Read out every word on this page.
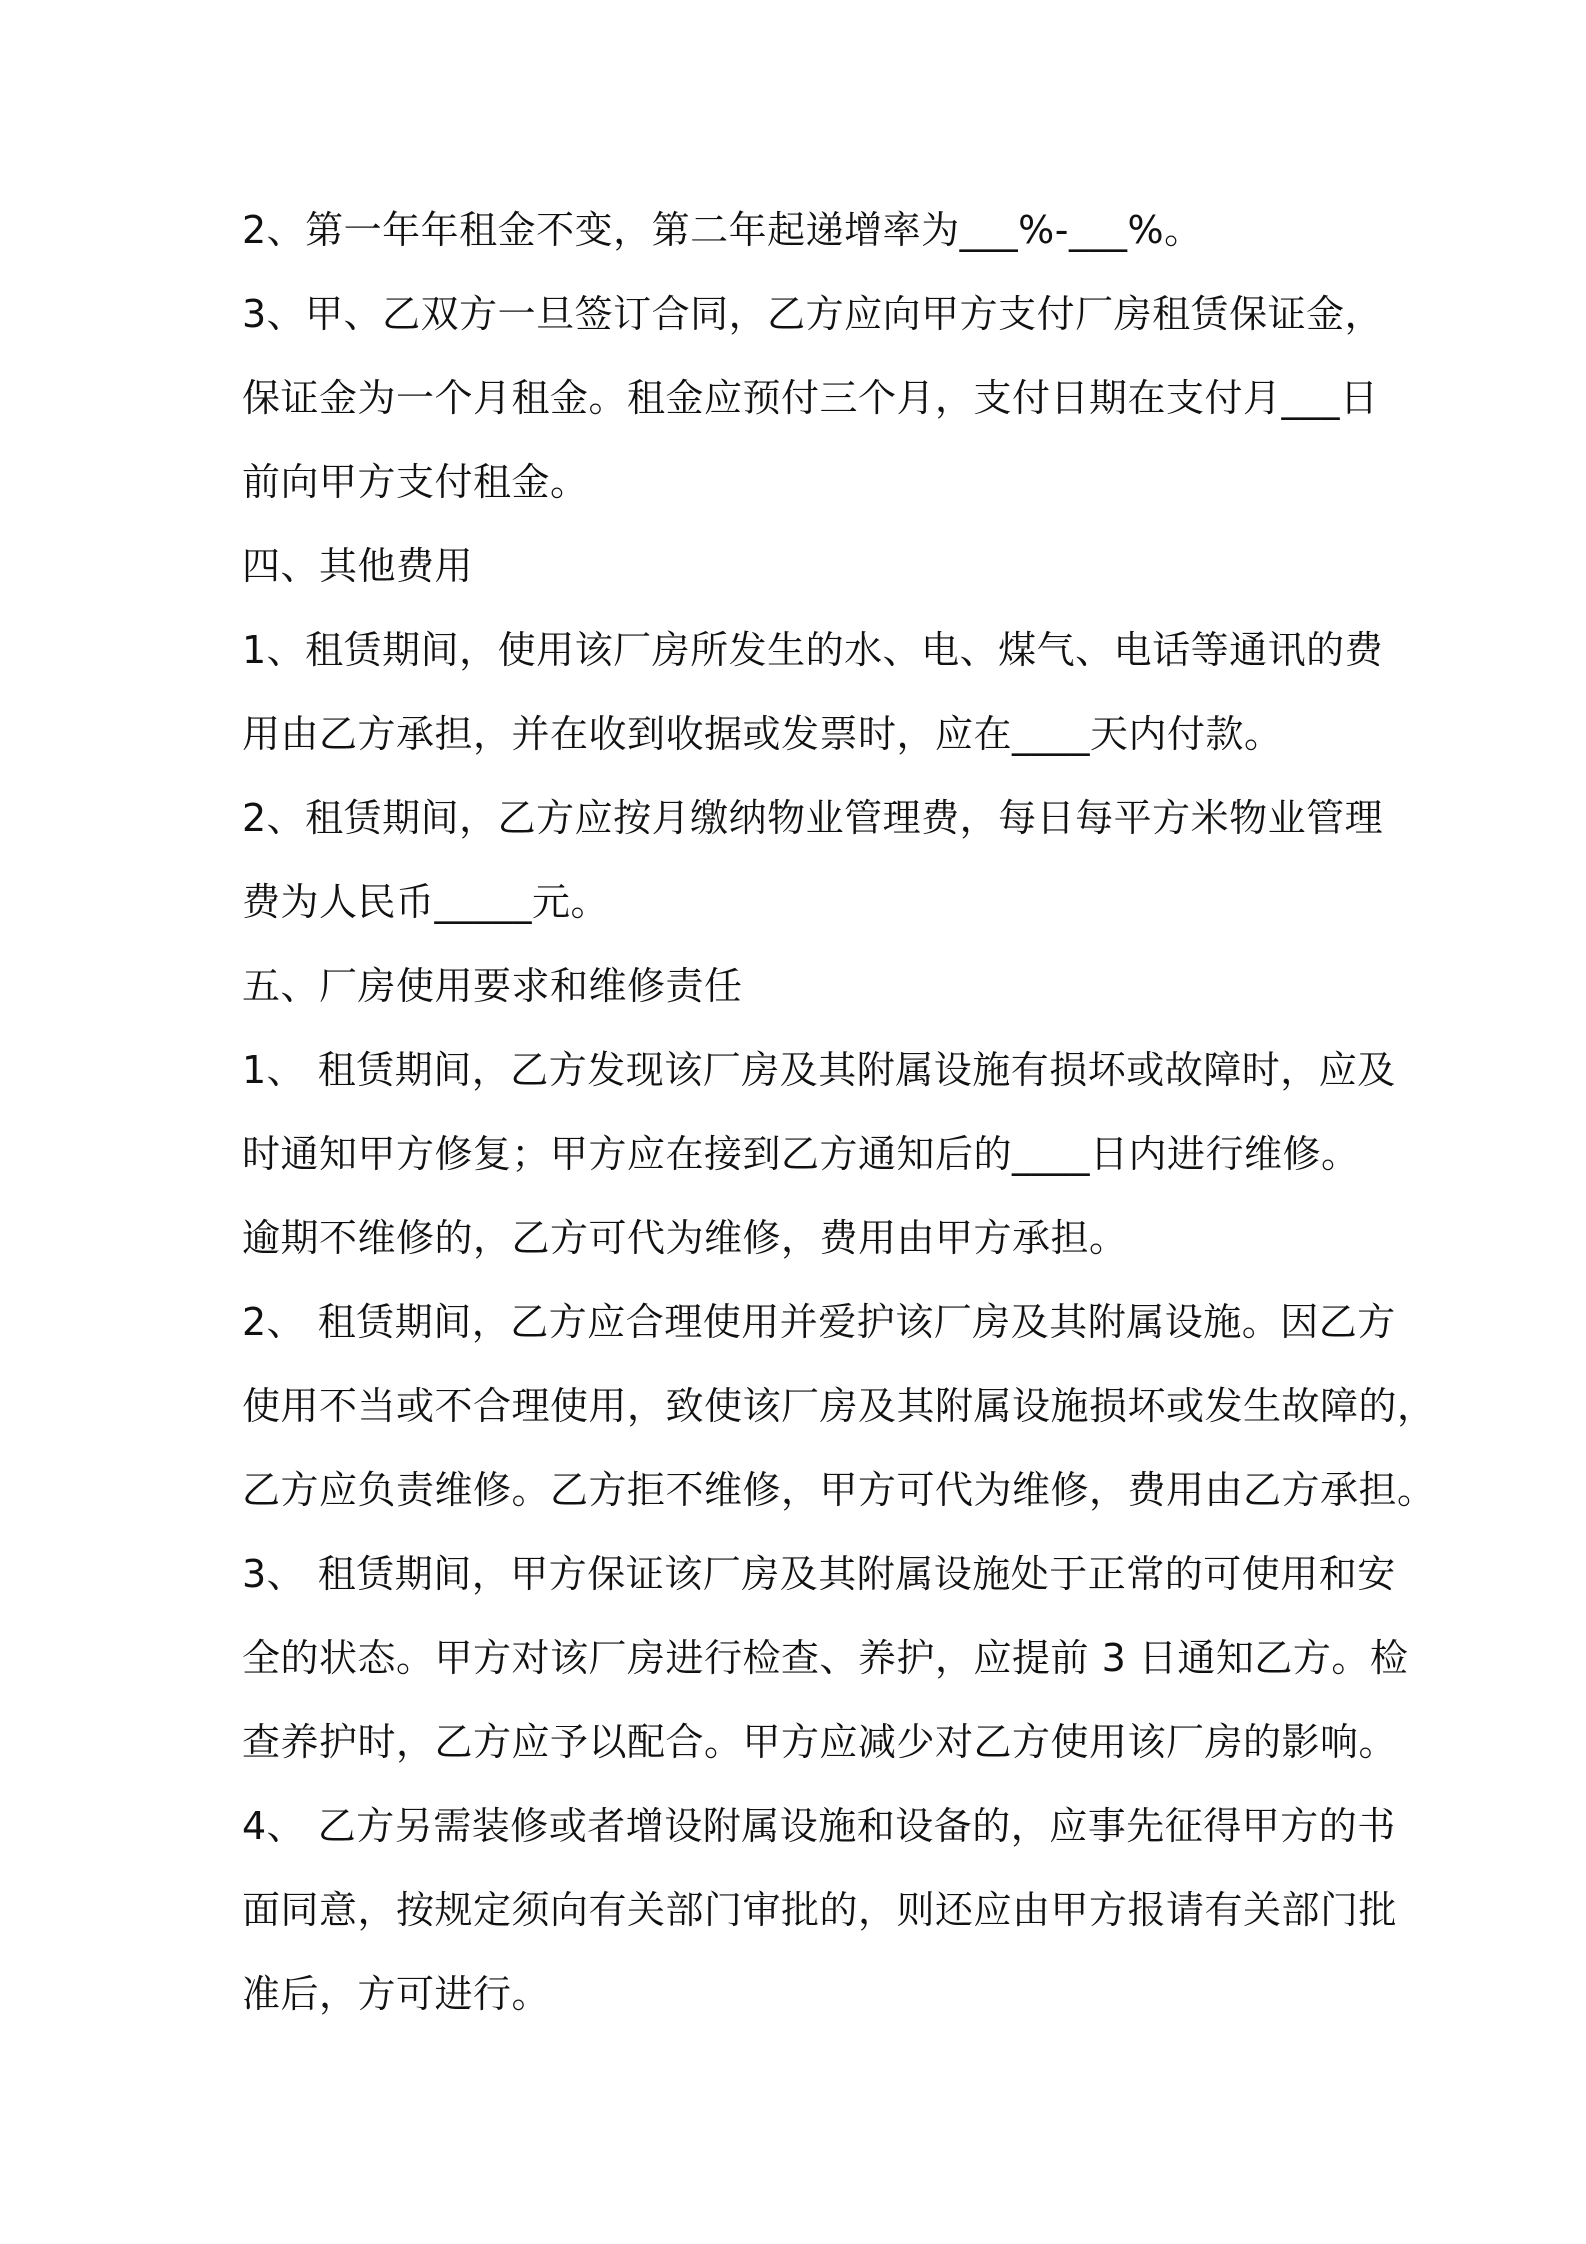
2、第一年年租金不变，第二年起递增率为___%-___%。

3、甲、乙双方一旦签订合同，乙方应向甲方支付厂房租赁保证金，

保证金为一个月租金。租金应预付三个月，支付日期在支付月___日

前向甲方支付租金。

四、其他费用

1、租赁期间，使用该厂房所发生的水、电、煤气、电话等通讯的费

用由乙方承担，并在收到收据或发票时，应在____天内付款。

2、租赁期间，乙方应按月缴纳物业管理费，每日每平方米物业管理

费为人民币_____元。

五、厂房使用要求和维修责任

1、 租赁期间，乙方发现该厂房及其附属设施有损坏或故障时，应及

时通知甲方修复；甲方应在接到乙方通知后的____日内进行维修。

逾期不维修的，乙方可代为维修，费用由甲方承担。

2、 租赁期间，乙方应合理使用并爱护该厂房及其附属设施。因乙方

使用不当或不合理使用，致使该厂房及其附属设施损坏或发生故障的，

乙方应负责维修。乙方拒不维修，甲方可代为维修，费用由乙方承担。

3、 租赁期间，甲方保证该厂房及其附属设施处于正常的可使用和安

全的状态。甲方对该厂房进行检查、养护，应提前 3 日通知乙方。检

查养护时，乙方应予以配合。甲方应减少对乙方使用该厂房的影响。

4、 乙方另需装修或者增设附属设施和设备的，应事先征得甲方的书

面同意，按规定须向有关部门审批的，则还应由甲方报请有关部门批

准后，方可进行。
